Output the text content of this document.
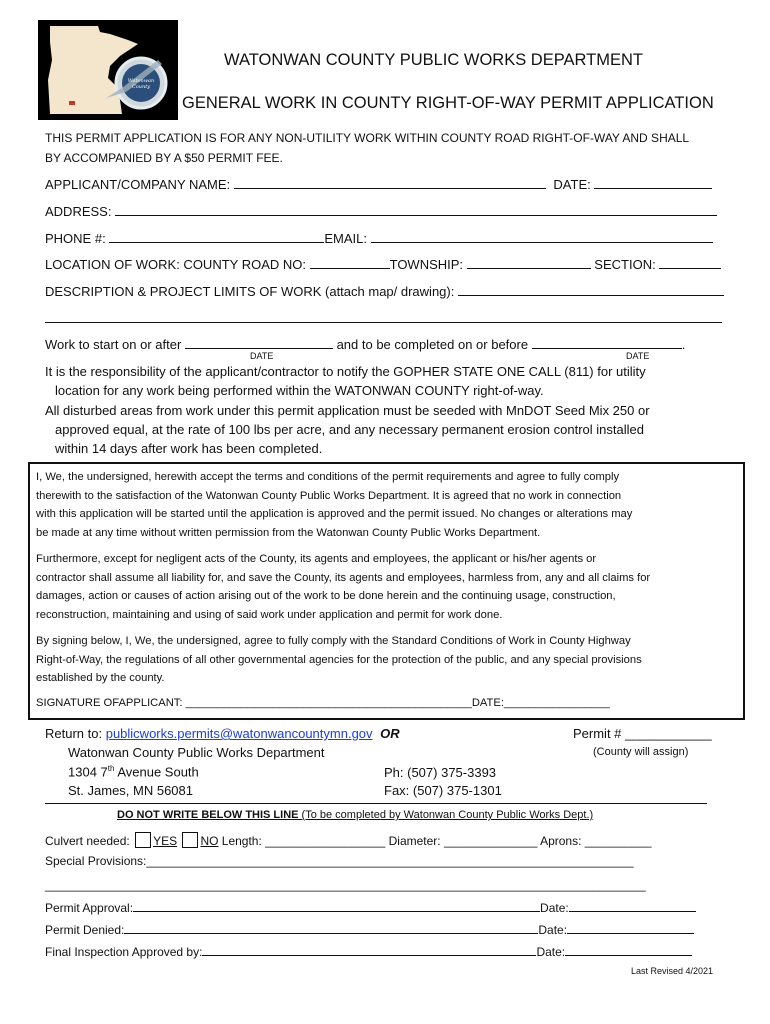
Watonwan County
WATONWAN COUNTY PUBLIC WORKS DEPARTMENT
GENERAL WORK IN COUNTY RIGHT-OF-WAY PERMIT APPLICATION
THIS PERMIT APPLICATION IS FOR ANY NON-UTILITY WORK WITHIN COUNTY ROAD RIGHT-OF-WAY AND SHALL
BY ACCOMPANIED BY A $50 PERMIT FEE.
APPLICANT/COMPANY NAME:	DATE:
ADDRESS:
PHONE #:	EMAIL:
LOCATION OF WORK: COUNTY ROAD NO:	TOWNSHIP:	SECTION:
DESCRIPTION & PROJECT LIMITS OF WORK (attach map/ drawing):
Work to start on or after	and to be completed on or before	.
DATE	DATE
It is the responsibility of the applicant/contractor to notify the GOPHER STATE ONE CALL (811) for utility
location for any work being performed within the WATONWAN COUNTY right-of-way.
All disturbed areas from work under this permit application must be seeded with MnDOT Seed Mix 250 or
approved equal, at the rate of 100 lbs per acre, and any necessary permanent erosion control installed
within 14 days after work has been completed.

I, We, the undersigned, herewith accept the terms and conditions of the permit requirements and agree to fully comply

therewith to the satisfaction of the Watonwan County Public Works Department. It is agreed that no work in connection

with this application will be started until the application is approved and the permit issued. No changes or alterations may

be made at any time without written permission from the Watonwan County Public Works Department.

Furthermore, except for negligent acts of the County, its agents and employees, the applicant or his/her agents or

contractor shall assume all liability for, and save the County, its agents and employees, harmless from, any and all claims for

damages, action or causes of action arising out of the work to be done herein and the continuing usage, construction,

reconstruction, maintaining and using of said work under application and permit for work done.

By signing below, I, We, the undersigned, agree to fully comply with the Standard Conditions of Work in County Highway

Right-of-Way, the regulations of all other governmental agencies for the protection of the public, and any special provisions

established by the county.

SIGNATURE OFAPPLICANT: ______________________________________________DATE:_________________

Return to: publicworks.permits@watonwancountymn.gov OR
Watonwan County Public Works Department
1304 7th Avenue South
St. James, MN 56081
Ph: (507) 375-3393
Fax: (507) 375-1301
Permit # ____________
(County will assign)
DO NOT WRITE BELOW THIS LINE (To be completed by Watonwan County Public Works Dept.)
Culvert needed: YES NO Length: __________________ Diameter: ______________ Aprons: __________
Special Provisions:_________________________________________________________________________
__________________________________________________________________________________________
Permit Approval:	Date:
Permit Denied:	Date:
Final Inspection Approved by:	Date:
Last Revised 4/2021
